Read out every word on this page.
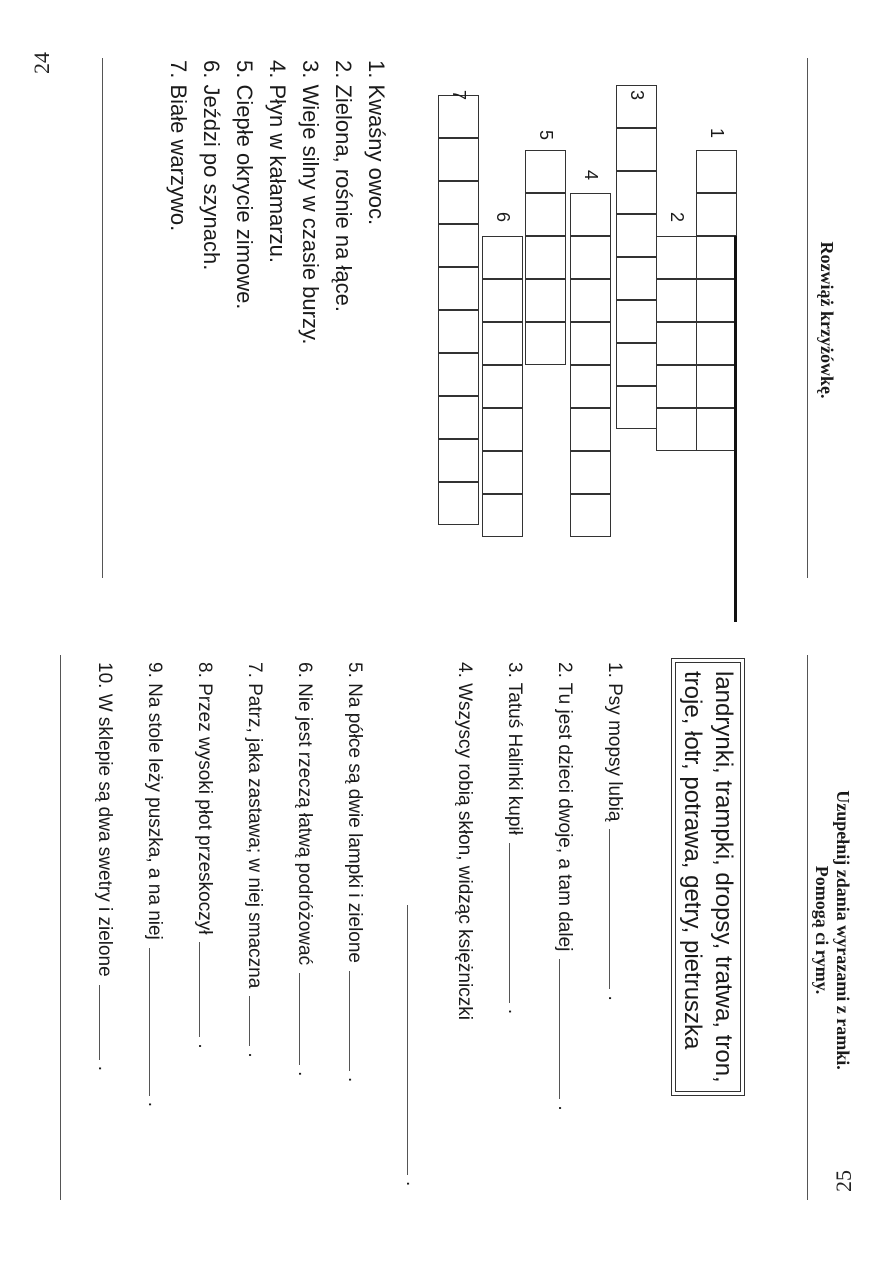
24
Rozwiąż krzyżówkę.
1
2
3
4
5
6
7
1. Kwaśny owoc.
2. Zielona, rośnie na łące.
3. Wieje silny w czasie burzy.
4. Płyn w kałamarzu.
5. Ciepłe okrycie zimowe.
6. Jeździ po szynach.
7. Białe warzywo.
Uzupełnij zdania wyrazami z ramki.
Pomogą ci rymy.
landrynki, trampki, dropsy, tratwa, tron,
troje, łotr, potrawa, getry, pietruszka
1. Psy mopsy lubią
.
2. Tu jest dzieci dwoje, a tam dalej
.
3. Tatuś Halinki kupił
.
4. Wszyscy robią skłon, widząc księżniczki
.
5. Na półce są dwie lampki i zielone
.
6. Nie jest rzeczą łatwą podróżować
.
7. Patrz, jaka zastawa; w niej smaczna
.
8. Przez wysoki płot przeskoczył
.
9. Na stole leży puszka, a na niej
.
10. W sklepie są dwa swetry i zielone
.
25
